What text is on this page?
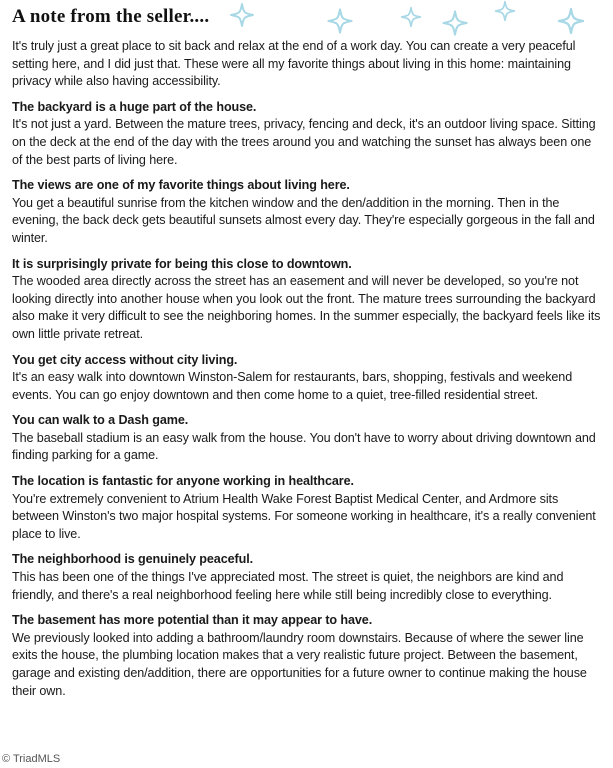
A note from the seller....

It's truly just a great place to sit back and relax at the end of a work day. You can create a very peaceful setting here, and I did just that. These were all my favorite things about living in this home: maintaining privacy while also having accessibility.

The backyard is a huge part of the house.

It's not just a yard. Between the mature trees, privacy, fencing and deck, it's an outdoor living space. Sitting on the deck at the end of the day with the trees around you and watching the sunset has always been one of the best parts of living here.

The views are one of my favorite things about living here.

You get a beautiful sunrise from the kitchen window and the den/addition in the morning. Then in the evening, the back deck gets beautiful sunsets almost every day. They're especially gorgeous in the fall and winter.

It is surprisingly private for being this close to downtown.

The wooded area directly across the street has an easement and will never be developed, so you're not looking directly into another house when you look out the front. The mature trees surrounding the backyard also make it very difficult to see the neighboring homes. In the summer especially, the backyard feels like its own little private retreat.

You get city access without city living.

It's an easy walk into downtown Winston-Salem for restaurants, bars, shopping, festivals and weekend events. You can go enjoy downtown and then come home to a quiet, tree-filled residential street.

You can walk to a Dash game.

The baseball stadium is an easy walk from the house. You don't have to worry about driving downtown and finding parking for a game.

The location is fantastic for anyone working in healthcare.

You're extremely convenient to Atrium Health Wake Forest Baptist Medical Center, and Ardmore sits between Winston's two major hospital systems. For someone working in healthcare, it's a really convenient place to live.

The neighborhood is genuinely peaceful.

This has been one of the things I've appreciated most. The street is quiet, the neighbors are kind and friendly, and there's a real neighborhood feeling here while still being incredibly close to everything.

The basement has more potential than it may appear to have.

We previously looked into adding a bathroom/laundry room downstairs. Because of where the sewer line exits the house, the plumbing location makes that a very realistic future project. Between the basement, garage and existing den/addition, there are opportunities for a future owner to continue making the house their own.

© TriadMLS
